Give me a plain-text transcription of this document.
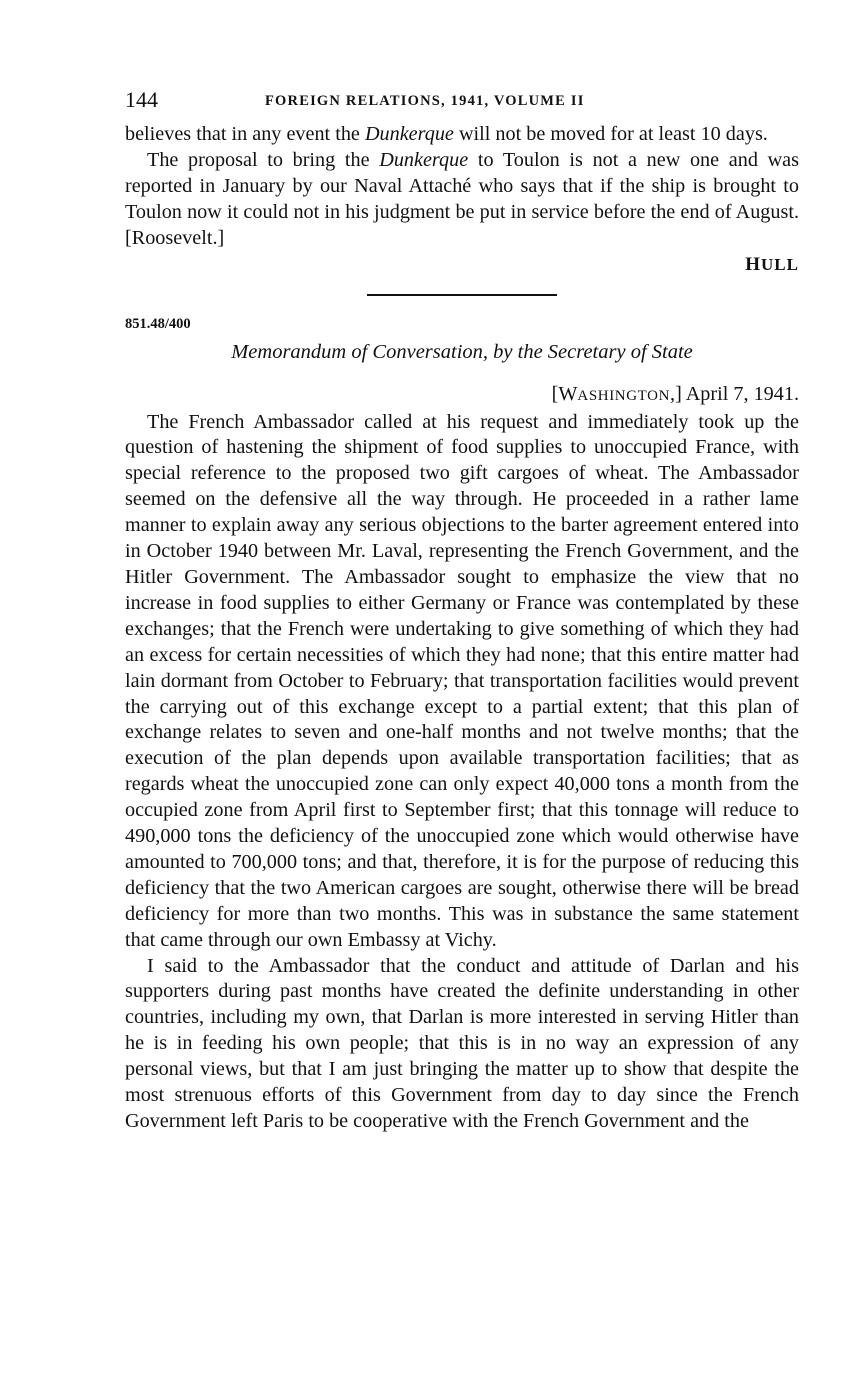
144	FOREIGN RELATIONS, 1941, VOLUME II

believes that in any event the Dunkerque will not be moved for at least 10 days.

The proposal to bring the Dunkerque to Toulon is not a new one and was reported in January by our Naval Attaché who says that if the ship is brought to Toulon now it could not in his judgment be put in service before the end of August. [Roosevelt.]

HULL

851.48/400
Memorandum of Conversation, by the Secretary of State

[WASHINGTON,] April 7, 1941.

The French Ambassador called at his request and immediately took up the question of hastening the shipment of food supplies to unoccupied France, with special reference to the proposed two gift cargoes of wheat. The Ambassador seemed on the defensive all the way through. He proceeded in a rather lame manner to explain away any serious objections to the barter agreement entered into in October 1940 between Mr. Laval, representing the French Government, and the Hitler Government. The Ambassador sought to emphasize the view that no increase in food supplies to either Germany or France was contemplated by these exchanges; that the French were undertaking to give something of which they had an excess for certain necessities of which they had none; that this entire matter had lain dormant from October to February; that transportation facilities would prevent the carrying out of this exchange except to a partial extent; that this plan of exchange relates to seven and one-half months and not twelve months; that the execution of the plan depends upon available transportation facilities; that as regards wheat the unoccupied zone can only expect 40,000 tons a month from the occupied zone from April first to September first; that this tonnage will reduce to 490,000 tons the deficiency of the unoccupied zone which would otherwise have amounted to 700,000 tons; and that, therefore, it is for the purpose of reducing this deficiency that the two American cargoes are sought, otherwise there will be bread deficiency for more than two months. This was in substance the same statement that came through our own Embassy at Vichy.

I said to the Ambassador that the conduct and attitude of Darlan and his supporters during past months have created the definite understanding in other countries, including my own, that Darlan is more interested in serving Hitler than he is in feeding his own people; that this is in no way an expression of any personal views, but that I am just bringing the matter up to show that despite the most strenuous efforts of this Government from day to day since the French Government left Paris to be cooperative with the French Government and the
